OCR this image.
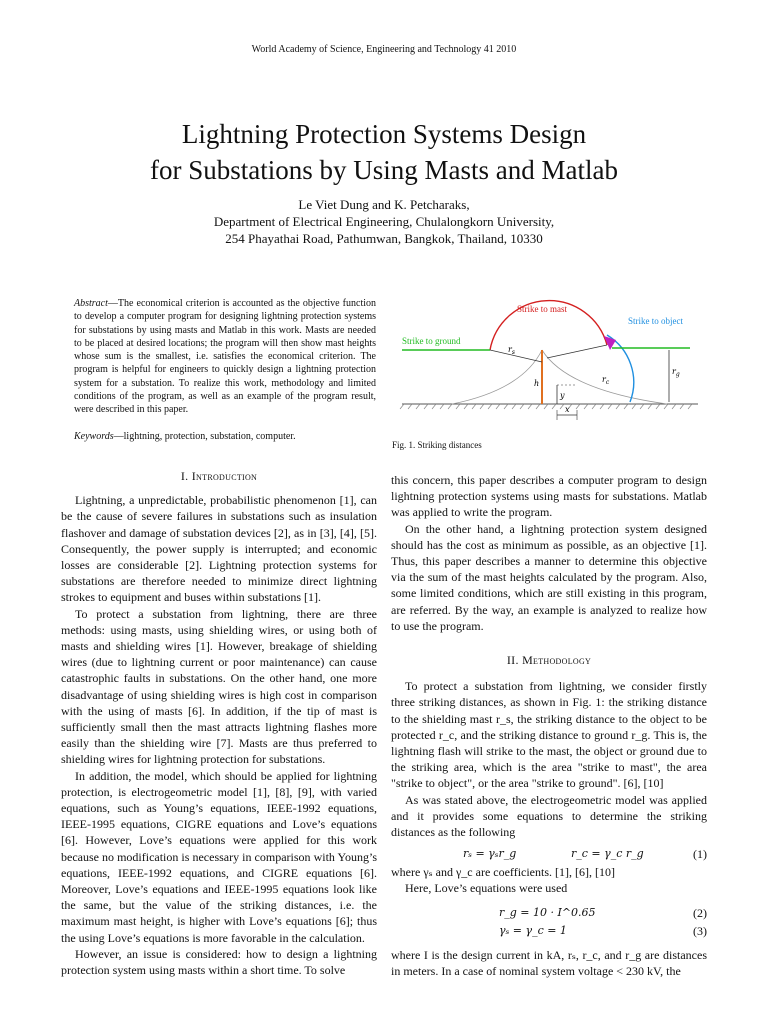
World Academy of Science, Engineering and Technology 41 2010
Lightning Protection Systems Design
for Substations by Using Masts and Matlab
Le Viet Dung and K. Petcharaks,
Department of Electrical Engineering, Chulalongkorn University,
254 Phayathai Road, Pathumwan, Bangkok, Thailand, 10330

Abstract—The economical criterion is accounted as the objective function to develop a computer program for designing lightning protection systems for substations by using masts and Matlab in this work. Masts are needed to be placed at desired locations; the program will then show mast heights whose sum is the smallest, i.e. satisfies the economical criterion. The program is helpful for engineers to quickly design a lightning protection system for a substation. To realize this work, methodology and limited conditions of the program, as well as an example of the program result, were described in this paper.

Keywords—lightning, protection, substation, computer.

I. Introduction

Lightning, a unpredictable, probabilistic phenomenon [1], can be the cause of severe failures in substations such as insulation flashover and damage of substation devices [2], as in [3], [4], [5]. Consequently, the power supply is interrupted; and economic losses are considerable [2]. Lightning protection systems for substations are therefore needed to minimize direct lightning strokes to equipment and buses within substations [1].

To protect a substation from lightning, there are three methods: using masts, using shielding wires, or using both of masts and shielding wires [1]. However, breakage of shielding wires (due to lightning current or poor maintenance) can cause catastrophic faults in substations. On the other hand, one more disadvantage of using shielding wires is high cost in comparison with the using of masts [6]. In addition, if the tip of mast is sufficiently small then the mast attracts lightning flashes more easily than the shielding wire [7]. Masts are thus preferred to shielding wires for lightning protection for substations.

In addition, the model, which should be applied for lightning protection, is electrogeometric model [1], [8], [9], with varied equations, such as Young’s equations, IEEE-1992 equations, IEEE-1995 equations, CIGRE equations and Love’s equations [6]. However, Love’s equations were applied for this work because no modification is necessary in comparison with Young’s equations, IEEE-1992 equations, and CIGRE equations [6]. Moreover, Love’s equations and IEEE-1995 equations look like the same, but the value of the striking distances, i.e. the maximum mast height, is higher with Love’s equations [6]; thus the using Love’s equations is more favorable in the calculation.

However, an issue is considered: how to design a lightning protection system using masts within a short time. To solve

Strike to mast
Strike to object
Strike to ground
$r_s$
$r_c$
$r_g$
h
y
x
Fig. 1. Striking distances

this concern, this paper describes a computer program to design lightning protection systems using masts for substations. Matlab was applied to write the program.

On the other hand, a lightning protection system designed should has the cost as minimum as possible, as an objective [1]. Thus, this paper describes a manner to determine this objective via the sum of the mast heights calculated by the program. Also, some limited conditions, which are still existing in this program, are referred. By the way, an example is analyzed to realize how to use the program.

II. Methodology

To protect a substation from lightning, we consider firstly three striking distances, as shown in Fig. 1: the striking distance to the shielding mast r_s, the striking distance to the object to be protected r_c, and the striking distance to ground r_g. This is, the lightning flash will strike to the mast, the object or ground due to the striking area, which is the area "strike to mast", the area "strike to object", or the area "strike to ground". [6], [10]

As was stated above, the electrogeometric model was applied and it provides some equations to determine the striking distances as the following

rₛ = γₛr_g	r_c = γ_c r_g	(1)

where γₛ and γ_c are coefficients. [1], [6], [10]

Here, Love’s equations were used

r_g = 10 · I^0.65	(2)
γₛ = γ_c = 1	(3)

where I is the design current in kA, rₛ, r_c, and r_g are distances in meters. In a case of nominal system voltage < 230 kV, the
